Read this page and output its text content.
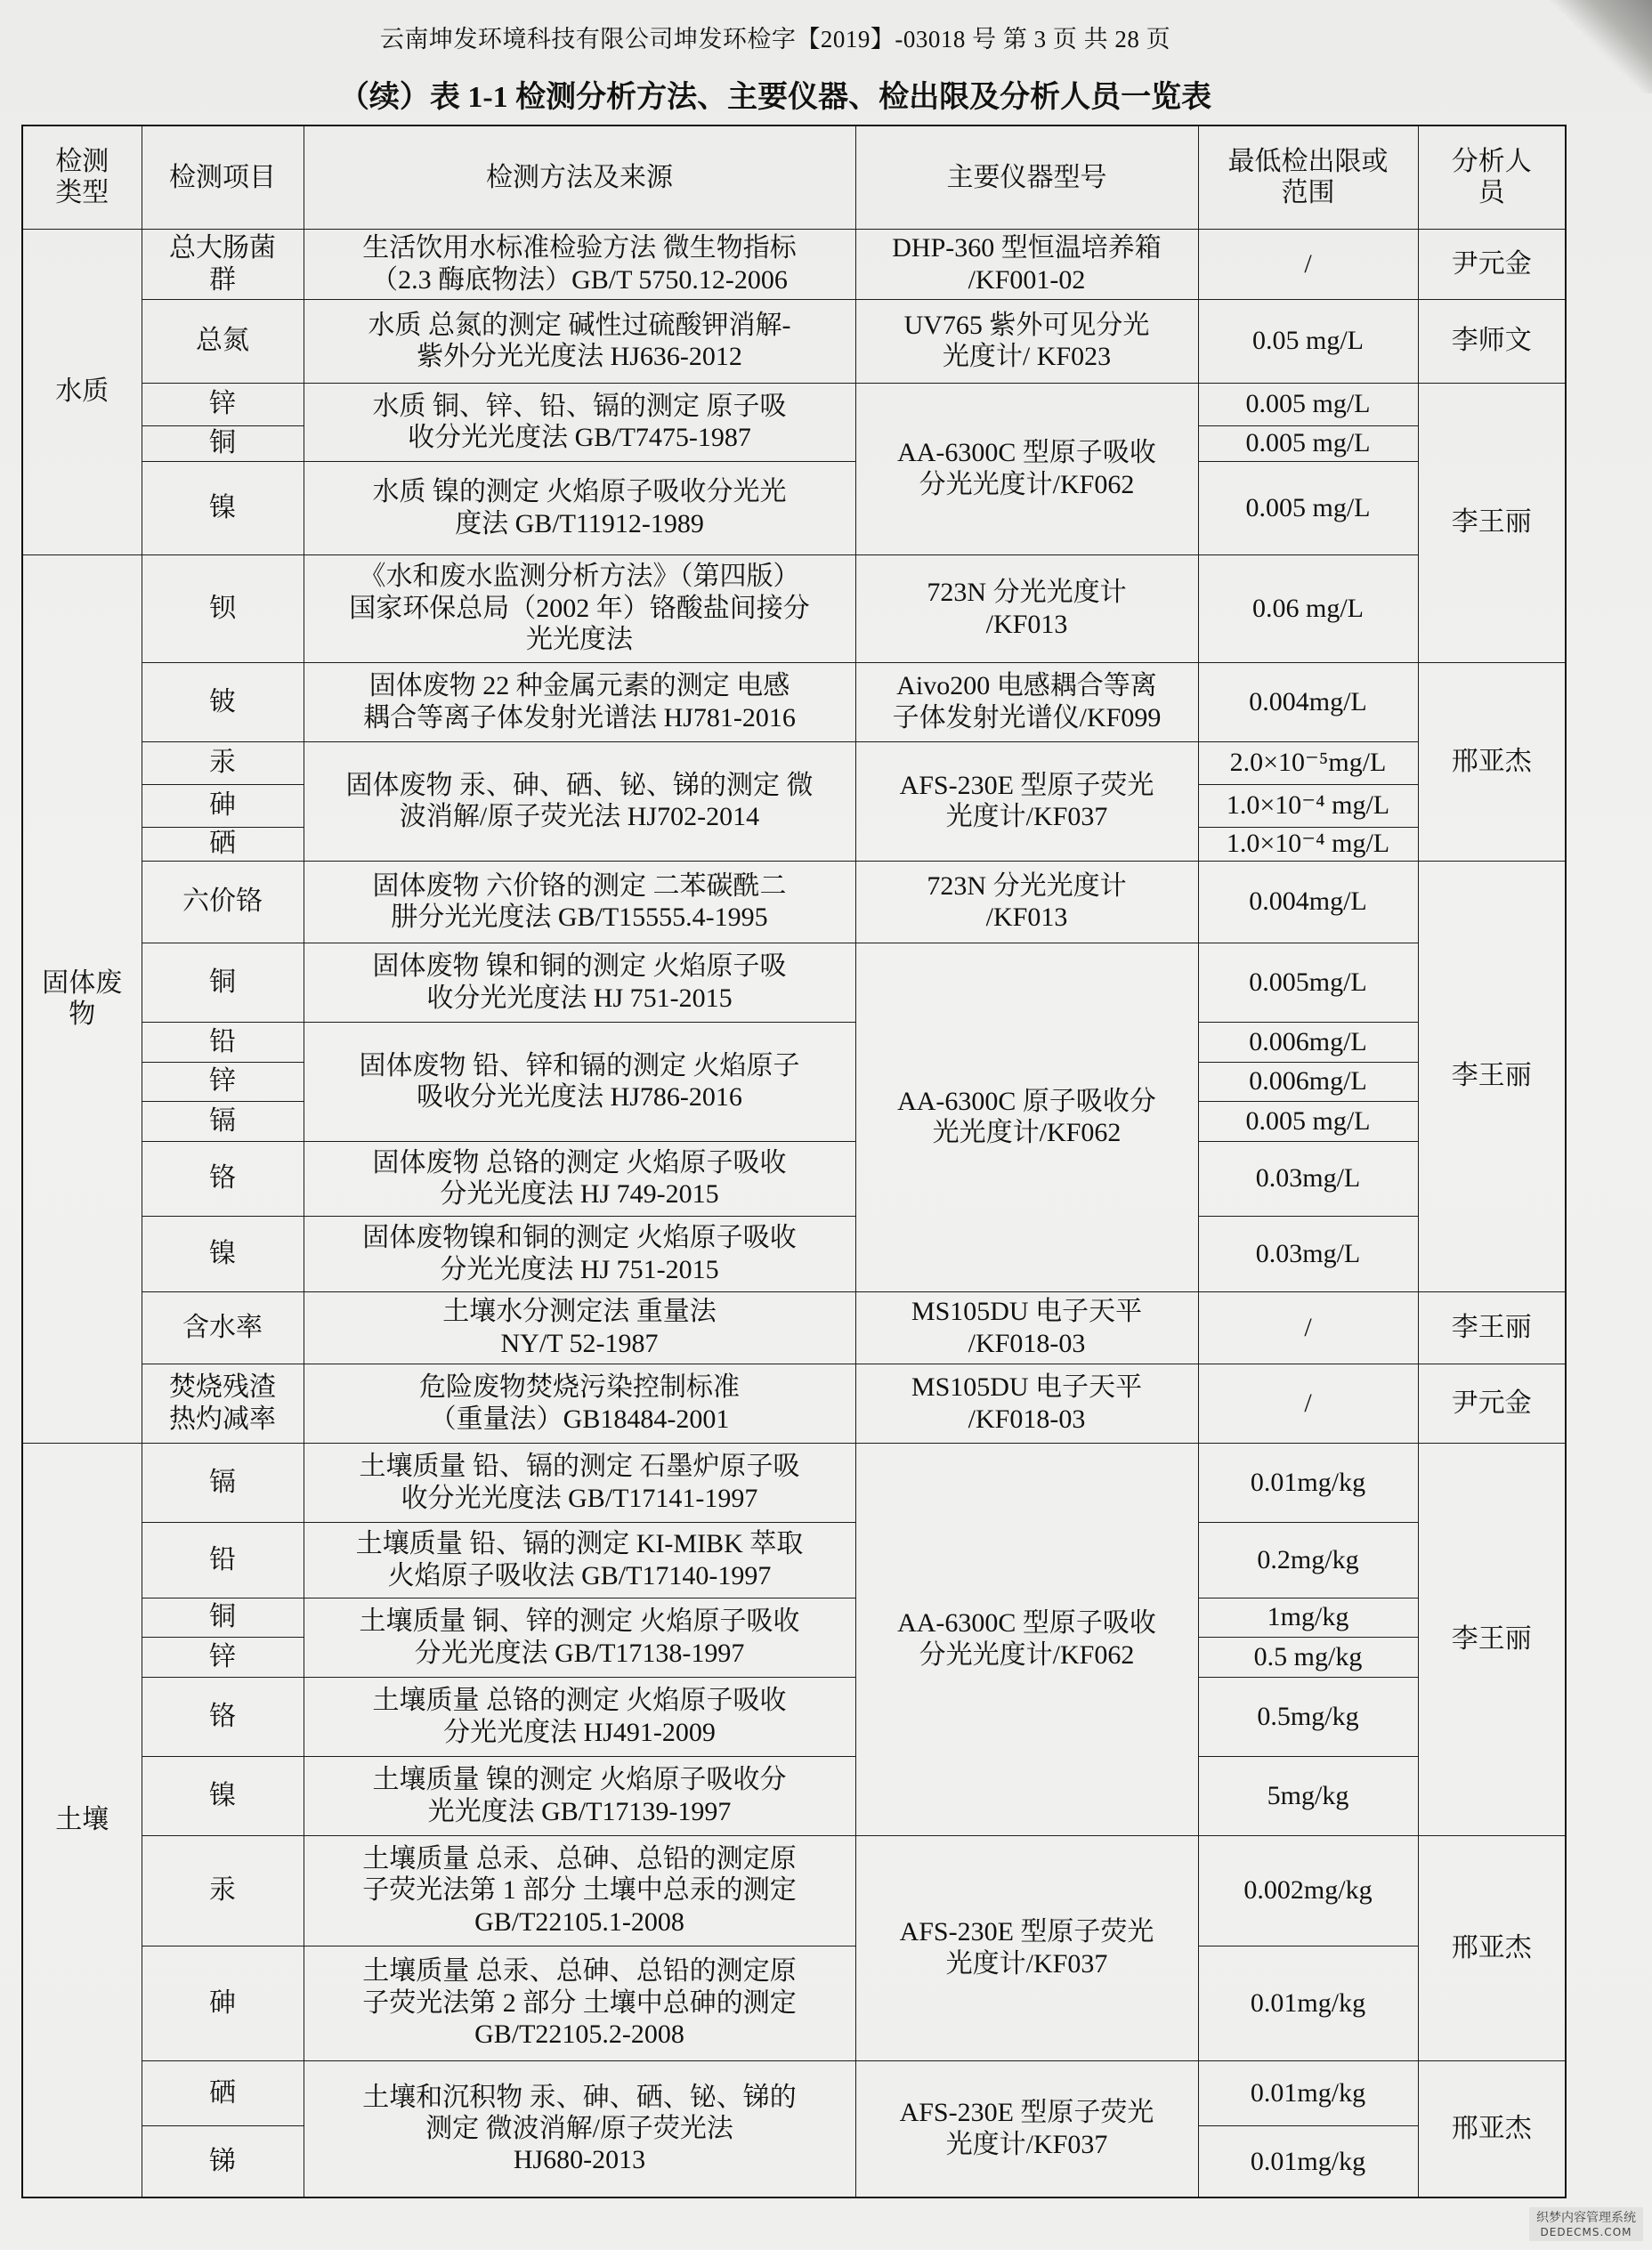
云南坤发环境科技有限公司坤发环检字【2019】-03018 号 第 3 页 共 28 页
（续）表 1-1 检测分析方法、主要仪器、检出限及分析人员一览表
检测
类型	检测项目	检测方法及来源	主要仪器型号	最低检出限或
范围	分析人
员
水质	总大肠菌
群	生活饮用水标准检验方法 微生物指标
（2.3 酶底物法）GB/T 5750.12-2006	DHP-360 型恒温培养箱
/KF001-02	/	尹元金
	总氮	水质 总氮的测定 碱性过硫酸钾消解-
紫外分光光度法 HJ636-2012	UV765 紫外可见分光
光度计/ KF023	0.05 mg/L	李师文
	锌	水质 铜、锌、铅、镉的测定 原子吸
收分光光度法 GB/T7475-1987	AA-6300C 型原子吸收
分光光度计/KF062	0.005 mg/L	李王丽
	铜			0.005 mg/L	
	镍	水质 镍的测定 火焰原子吸收分光光
度法 GB/T11912-1989		0.005 mg/L	
固体废
物	钡	《水和废水监测分析方法》（第四版）
国家环保总局（2002 年）铬酸盐间接分
光光度法	723N 分光光度计
/KF013	0.06 mg/L	
	铍	固体废物 22 种金属元素的测定 电感
耦合等离子体发射光谱法 HJ781-2016	Aivo200 电感耦合等离
子体发射光谱仪/KF099	0.004mg/L	邢亚杰
	汞	固体废物 汞、砷、硒、铋、锑的测定 微
波消解/原子荧光法 HJ702-2014	AFS-230E 型原子荧光
光度计/KF037	2.0×10⁻⁵mg/L	
	砷			1.0×10⁻⁴ mg/L	
	硒			1.0×10⁻⁴ mg/L	
	六价铬	固体废物 六价铬的测定 二苯碳酰二
肼分光光度法 GB/T15555.4-1995	723N 分光光度计
/KF013	0.004mg/L	李王丽
	铜	固体废物 镍和铜的测定 火焰原子吸
收分光光度法 HJ 751-2015	AA-6300C 原子吸收分
光光度计/KF062	0.005mg/L	
	铅	固体废物 铅、锌和镉的测定 火焰原子
吸收分光光度法 HJ786-2016		0.006mg/L	
	锌			0.006mg/L	
	镉			0.005 mg/L	
	铬	固体废物 总铬的测定 火焰原子吸收
分光光度法 HJ 749-2015		0.03mg/L	
	镍	固体废物镍和铜的测定 火焰原子吸收
分光光度法 HJ 751-2015		0.03mg/L	
	含水率	土壤水分测定法 重量法
NY/T 52-1987	MS105DU 电子天平
/KF018-03	/	李王丽
	焚烧残渣
热灼减率	危险废物焚烧污染控制标准
（重量法）GB18484-2001	MS105DU 电子天平
/KF018-03	/	尹元金
土壤	镉	土壤质量 铅、镉的测定 石墨炉原子吸
收分光光度法 GB/T17141-1997	AA-6300C 型原子吸收
分光光度计/KF062	0.01mg/kg	李王丽
	铅	土壤质量 铅、镉的测定 KI-MIBK 萃取
火焰原子吸收法 GB/T17140-1997		0.2mg/kg	
	铜	土壤质量 铜、锌的测定 火焰原子吸收
分光光度法 GB/T17138-1997		1mg/kg	
	锌			0.5 mg/kg	
	铬	土壤质量 总铬的测定 火焰原子吸收
分光光度法 HJ491-2009		0.5mg/kg	
	镍	土壤质量 镍的测定 火焰原子吸收分
光光度法 GB/T17139-1997		5mg/kg	
	汞	土壤质量 总汞、总砷、总铅的测定原
子荧光法第 1 部分 土壤中总汞的测定
GB/T22105.1-2008	AFS-230E 型原子荧光
光度计/KF037	0.002mg/kg	邢亚杰
	砷	土壤质量 总汞、总砷、总铅的测定原
子荧光法第 2 部分 土壤中总砷的测定
GB/T22105.2-2008		0.01mg/kg	
	硒	土壤和沉积物 汞、砷、硒、铋、锑的
测定 微波消解/原子荧光法
HJ680-2013	AFS-230E 型原子荧光
光度计/KF037	0.01mg/kg	邢亚杰
	锑			0.01mg/kg	
织梦内容管理系统
DEDECMS.COM
